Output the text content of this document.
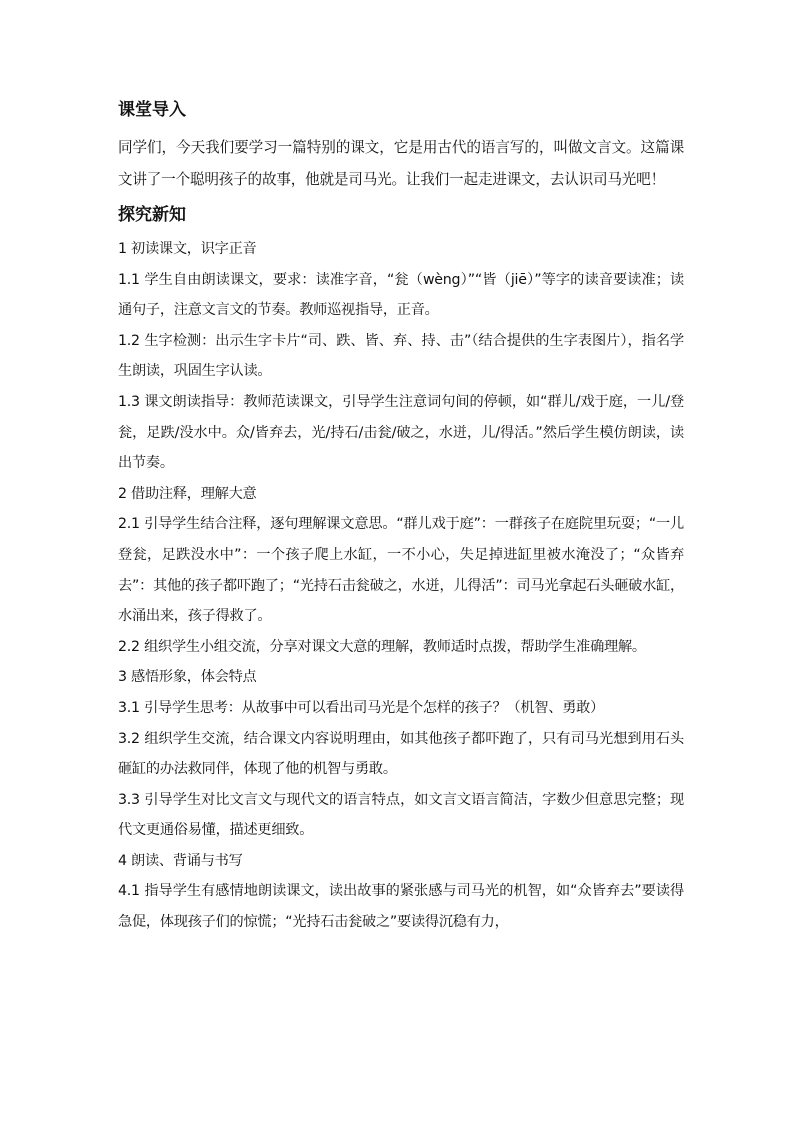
课堂导入

同学们，今天我们要学习一篇特别的课文，它是用古代的语言写的，叫做文言文。这篇课文讲了一个聪明孩子的故事，他就是司马光。让我们一起走进课文，去认识司马光吧！

探究新知

1 初读课文，识字正音

1.1 学生自由朗读课文，要求：读准字音，“瓮（wèng）”“皆（jiē）”等字的读音要读准；读通句子，注意文言文的节奏。教师巡视指导，正音。

1.2 生字检测：出示生字卡片“司、跌、皆、弃、持、击”（结合提供的生字表图片），指名学生朗读，巩固生字认读。

1.3 课文朗读指导：教师范读课文，引导学生注意词句间的停顿，如“群儿/戏于庭，一儿/登瓮，足跌/没水中。众/皆弃去，光/持石/击瓮/破之，水迸，儿/得活。”然后学生模仿朗读，读出节奏。

2 借助注释，理解大意

2.1 引导学生结合注释，逐句理解课文意思。“群儿戏于庭”：一群孩子在庭院里玩耍；“一儿登瓮，足跌没水中”：一个孩子爬上水缸，一不小心，失足掉进缸里被水淹没了；“众皆弃去”：其他的孩子都吓跑了；“光持石击瓮破之，水迸，儿得活”：司马光拿起石头砸破水缸，水涌出来，孩子得救了。

2.2 组织学生小组交流，分享对课文大意的理解，教师适时点拨，帮助学生准确理解。

3 感悟形象，体会特点

3.1 引导学生思考：从故事中可以看出司马光是个怎样的孩子？（机智、勇敢）

3.2 组织学生交流，结合课文内容说明理由，如其他孩子都吓跑了，只有司马光想到用石头砸缸的办法救同伴，体现了他的机智与勇敢。

3.3 引导学生对比文言文与现代文的语言特点，如文言文语言简洁，字数少但意思完整；现代文更通俗易懂，描述更细致。

4 朗读、背诵与书写

4.1 指导学生有感情地朗读课文，读出故事的紧张感与司马光的机智，如“众皆弃去”要读得急促，体现孩子们的惊慌；“光持石击瓮破之”要读得沉稳有力，
